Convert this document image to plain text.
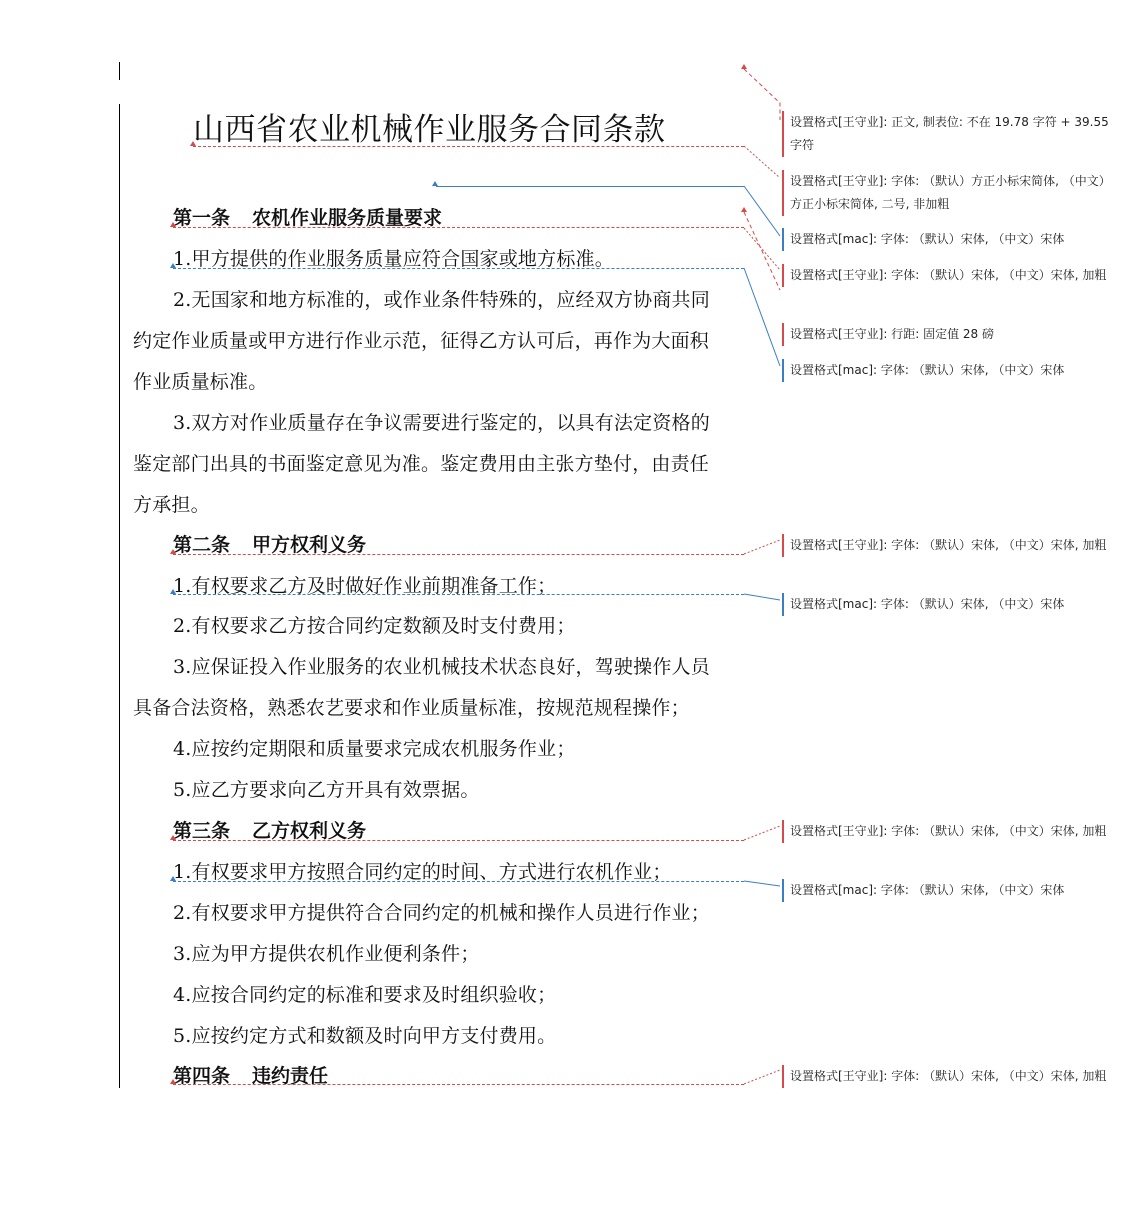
山西省农业机械作业服务合同条款
第一条 农机作业服务质量要求
1.甲方提供的作业服务质量应符合国家或地方标准。
2.无国家和地方标准的，或作业条件特殊的，应经双方协商共同
约定作业质量或甲方进行作业示范，征得乙方认可后，再作为大面积
作业质量标准。
3.双方对作业质量存在争议需要进行鉴定的，以具有法定资格的
鉴定部门出具的书面鉴定意见为准。鉴定费用由主张方垫付，由责任
方承担。
第二条 甲方权利义务
1.有权要求乙方及时做好作业前期准备工作；
2.有权要求乙方按合同约定数额及时支付费用；
3.应保证投入作业服务的农业机械技术状态良好，驾驶操作人员
具备合法资格，熟悉农艺要求和作业质量标准，按规范规程操作；
4.应按约定期限和质量要求完成农机服务作业；
5.应乙方要求向乙方开具有效票据。
第三条 乙方权利义务
1.有权要求甲方按照合同约定的时间、方式进行农机作业；
2.有权要求甲方提供符合合同约定的机械和操作人员进行作业；
3.应为甲方提供农机作业便利条件；
4.应按合同约定的标准和要求及时组织验收；
5.应按约定方式和数额及时向甲方支付费用。
第四条 违约责任
设置格式[王守业]: 正文, 制表位: 不在 19.78 字符 + 39.55 字符
设置格式[王守业]: 字体: （默认）方正小标宋简体, （中文）方正小标宋简体, 二号, 非加粗
设置格式[mac]: 字体: （默认）宋体, （中文）宋体
设置格式[王守业]: 字体: （默认）宋体, （中文）宋体, 加粗
设置格式[王守业]: 行距: 固定值 28 磅
设置格式[mac]: 字体: （默认）宋体, （中文）宋体
设置格式[王守业]: 字体: （默认）宋体, （中文）宋体, 加粗
设置格式[mac]: 字体: （默认）宋体, （中文）宋体
设置格式[王守业]: 字体: （默认）宋体, （中文）宋体, 加粗
设置格式[mac]: 字体: （默认）宋体, （中文）宋体
设置格式[王守业]: 字体: （默认）宋体, （中文）宋体, 加粗
